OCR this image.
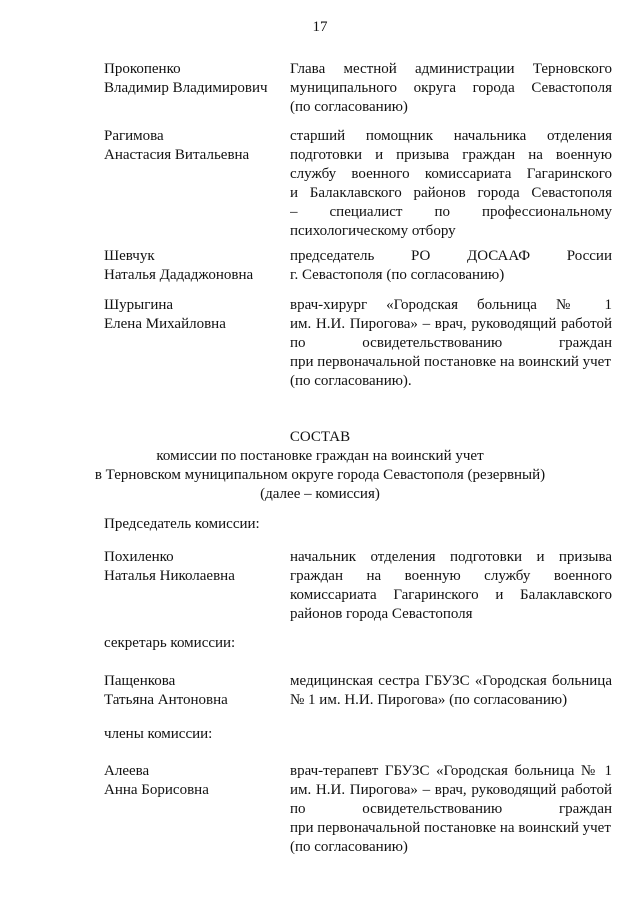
17
Прокопенко
Владимир Владимирович
Глава местной администрации Терновского
муниципального округа города Севастополя
(по согласованию)
Рагимова
Анастасия Витальевна
старший помощник начальника отделения
подготовки и призыва граждан на военную
службу военного комиссариата Гагаринского
и Балаклавского районов города Севастополя
– специалист по профессиональному
психологическому отбору
Шевчук
Наталья Дададжоновна
председатель РО ДОСААФ России
г. Севастополя (по согласованию)
Шурыгина
Елена Михайловна
врач-хирург «Городская больница № 1
им. Н.И. Пирогова» – врач, руководящий работой
по освидетельствованию граждан
при первоначальной постановке на воинский учет
(по согласованию).
СОСТАВ
комиссии по постановке граждан на воинский учет
в Терновском муниципальном округе города Севастополя (резервный)
(далее – комиссия)
Председатель комиссии:
Похиленко
Наталья Николаевна
начальник отделения подготовки и призыва
граждан на военную службу военного
комиссариата Гагаринского и Балаклавского
районов города Севастополя
секретарь комиссии:
Пащенкова
Татьяна Антоновна
медицинская сестра ГБУЗС «Городская больница
№ 1 им. Н.И. Пирогова» (по согласованию)
члены комиссии:
Алеева
Анна Борисовна
врач-терапевт ГБУЗС «Городская больница № 1
им. Н.И. Пирогова» – врач, руководящий работой
по освидетельствованию граждан
при первоначальной постановке на воинский учет
(по согласованию)
